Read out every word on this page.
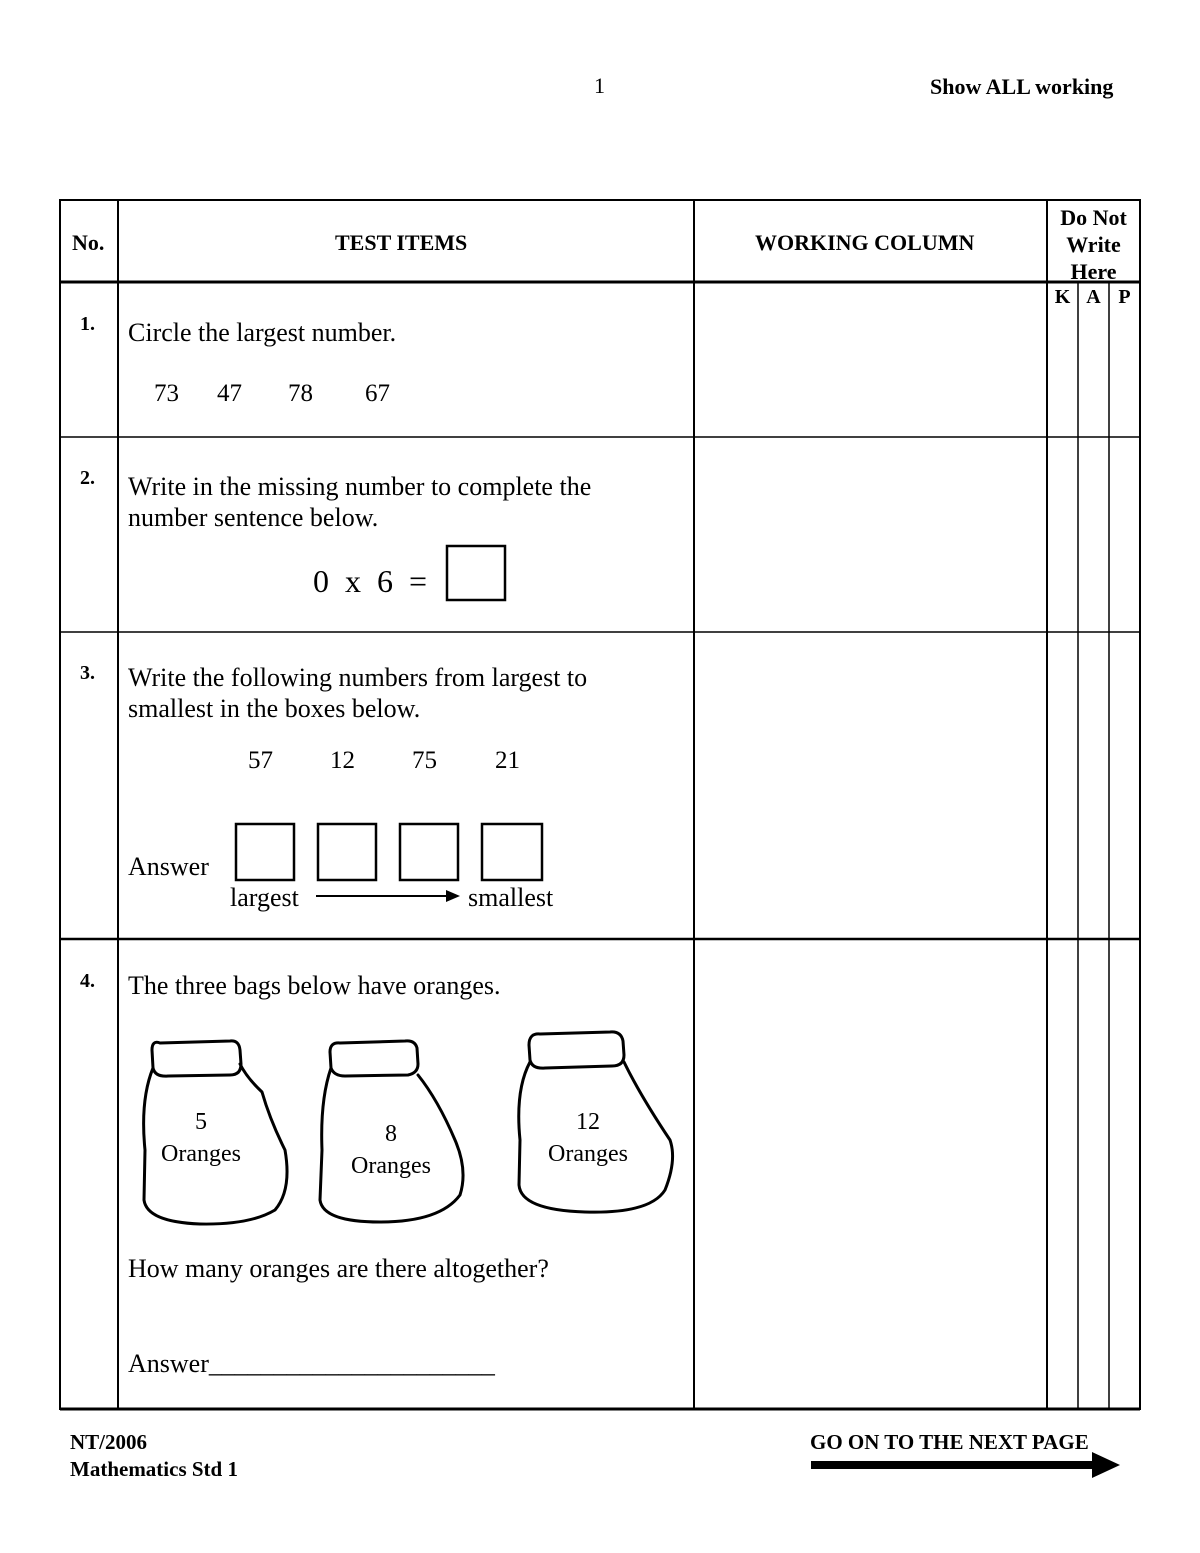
1	Show ALL working
No.	TEST ITEMS	WORKING COLUMN
Do Not
Write
Here
K A P
1. Circle the largest number.
73 47 78 67
2. Write in the missing number to complete the
number sentence below.
0  x  6  =
3. Write the following numbers from largest to
smallest in the boxes below.
57 12 75 21
Answer
largest	smallest
4. The three bags below have oranges.
5
Oranges
8
Oranges
12
Oranges
How many oranges are there altogether?
Answer______________________
NT/2006
Mathematics Std 1
GO ON TO THE NEXT PAGE
